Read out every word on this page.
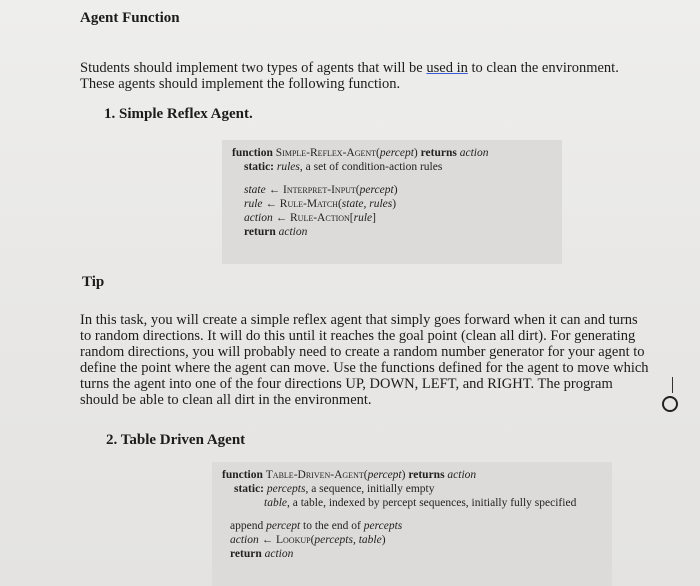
Agent Function
Students should implement two types of agents that will be used in to clean the environment.
These agents should implement the following function.
1. Simple Reflex Agent.
function Simple-Reflex-Agent(percept) returns action
static: rules, a set of condition-action rules
state ← Interpret-Input(percept)
rule ← Rule-Match(state, rules)
action ← Rule-Action[rule]
return action
Tip
In this task, you will create a simple reflex agent that simply goes forward when it can and turns
to random directions. It will do this until it reaches the goal point (clean all dirt). For generating
random directions, you will probably need to create a random number generator for your agent to
define the point where the agent can move. Use the functions defined for the agent to move which
turns the agent into one of the four directions UP, DOWN, LEFT, and RIGHT. The program
should be able to clean all dirt in the environment.
2. Table Driven Agent
function Table-Driven-Agent(percept) returns action
static: percepts, a sequence, initially empty
table, a table, indexed by percept sequences, initially fully specified
append percept to the end of percepts
action ← Lookup(percepts, table)
return action
